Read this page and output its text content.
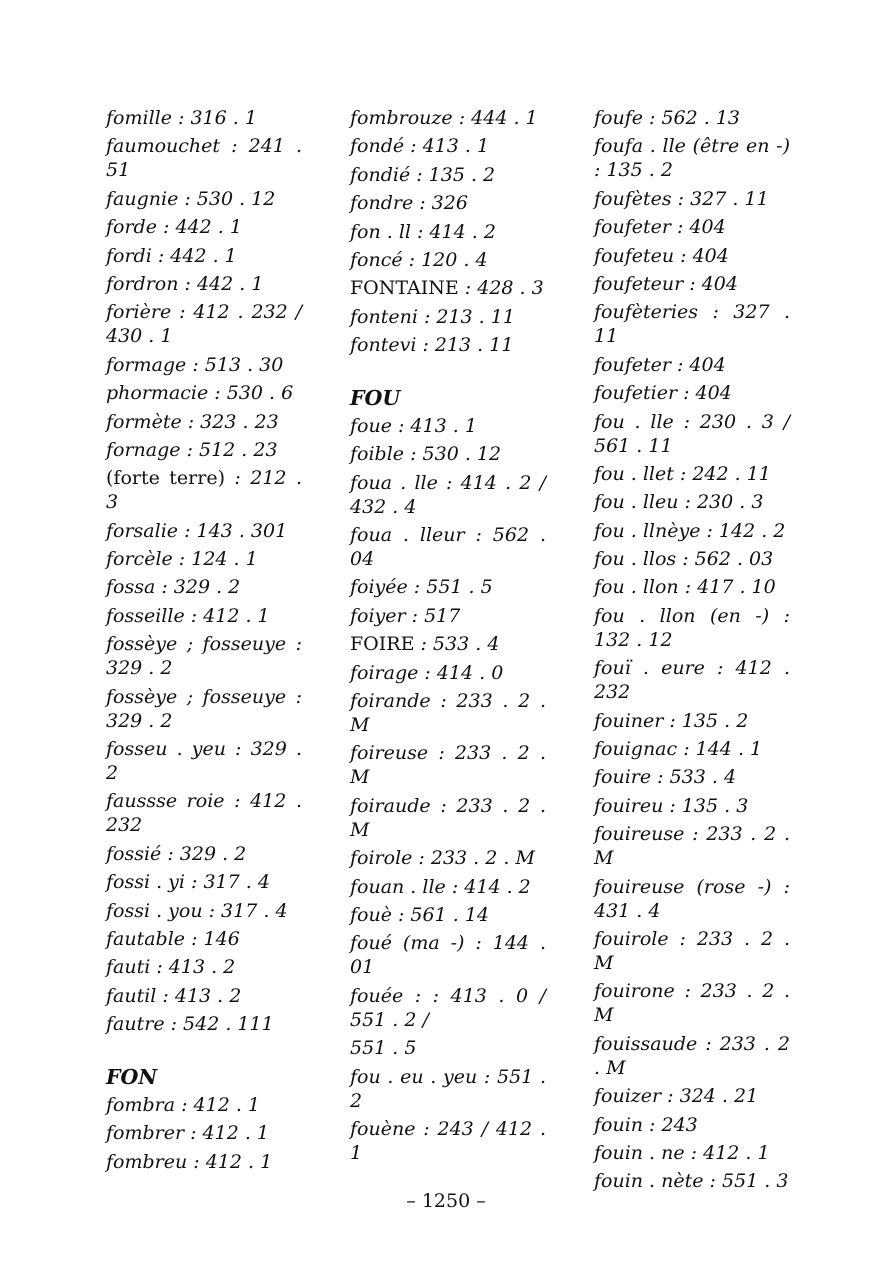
fomille : 316 . 1
faumouchet : 241 . 51
faugnie : 530 . 12
forde : 442 . 1
fordi : 442 . 1
fordron : 442 . 1
forière : 412 . 232 / 430 . 1
formage : 513 . 30
phormacie : 530 . 6
formète : 323 . 23
fornage : 512 . 23
(forte terre) : 212 . 3
forsalie : 143 . 301
forcèle : 124 . 1
fossa : 329 . 2
fosseille : 412 . 1
fossèye ; fosseuye : 329 . 2
fossèye ; fosseuye : 329 . 2
fosseu . yeu : 329 . 2
faussse roie : 412 . 232
fossié : 329 . 2
fossi . yi : 317 . 4
fossi . you : 317 . 4
fautable : 146
fauti : 413 . 2
fautil : 413 . 2
fautre : 542 . 111
FON
fombra : 412 . 1
fombrer : 412 . 1
fombreu : 412 . 1
fombrouze : 444 . 1
fondé : 413 . 1
fondié : 135 . 2
fondre : 326
fon . ll : 414 . 2
foncé : 120 . 4
FONTAINE : 428 . 3
fonteni : 213 . 11
fontevi : 213 . 11
FOU
foue : 413 . 1
foible : 530 . 12
foua . lle : 414 . 2 / 432 . 4
foua . lleur : 562 . 04
foiyée : 551 . 5
foiyer : 517
FOIRE : 533 . 4
foirage : 414 . 0
foirande : 233 . 2 . M
foireuse : 233 . 2 . M
foiraude : 233 . 2 . M
foirole : 233 . 2 . M
fouan . lle : 414 . 2
fouè : 561 . 14
foué (ma -) : 144 . 01
fouée : : 413 . 0 / 551 . 2 /
551 . 5
fou . eu . yeu : 551 . 2
fouène : 243 / 412 . 1
foufe : 562 . 13
foufa . lle (être en -) : 135 . 2
foufètes : 327 . 11
foufeter : 404
foufeteu : 404
foufeteur : 404
foufèteries : 327 . 11
foufeter : 404
foufetier : 404
fou . lle : 230 . 3 / 561 . 11
fou . llet : 242 . 11
fou . lleu : 230 . 3
fou . llnèye : 142 . 2
fou . llos : 562 . 03
fou . llon : 417 . 10
fou . llon (en -) : 132 . 12
fouï . eure : 412 . 232
fouiner : 135 . 2
fouignac : 144 . 1
fouire : 533 . 4
fouireu : 135 . 3
fouireuse : 233 . 2 . M
fouireuse (rose -) : 431 . 4
fouirole : 233 . 2 . M
fouirone : 233 . 2 . M
fouissaude : 233 . 2 . M
fouizer : 324 . 21
fouin : 243
fouin . ne : 412 . 1
fouin . nète : 551 . 3
– 1250 –
